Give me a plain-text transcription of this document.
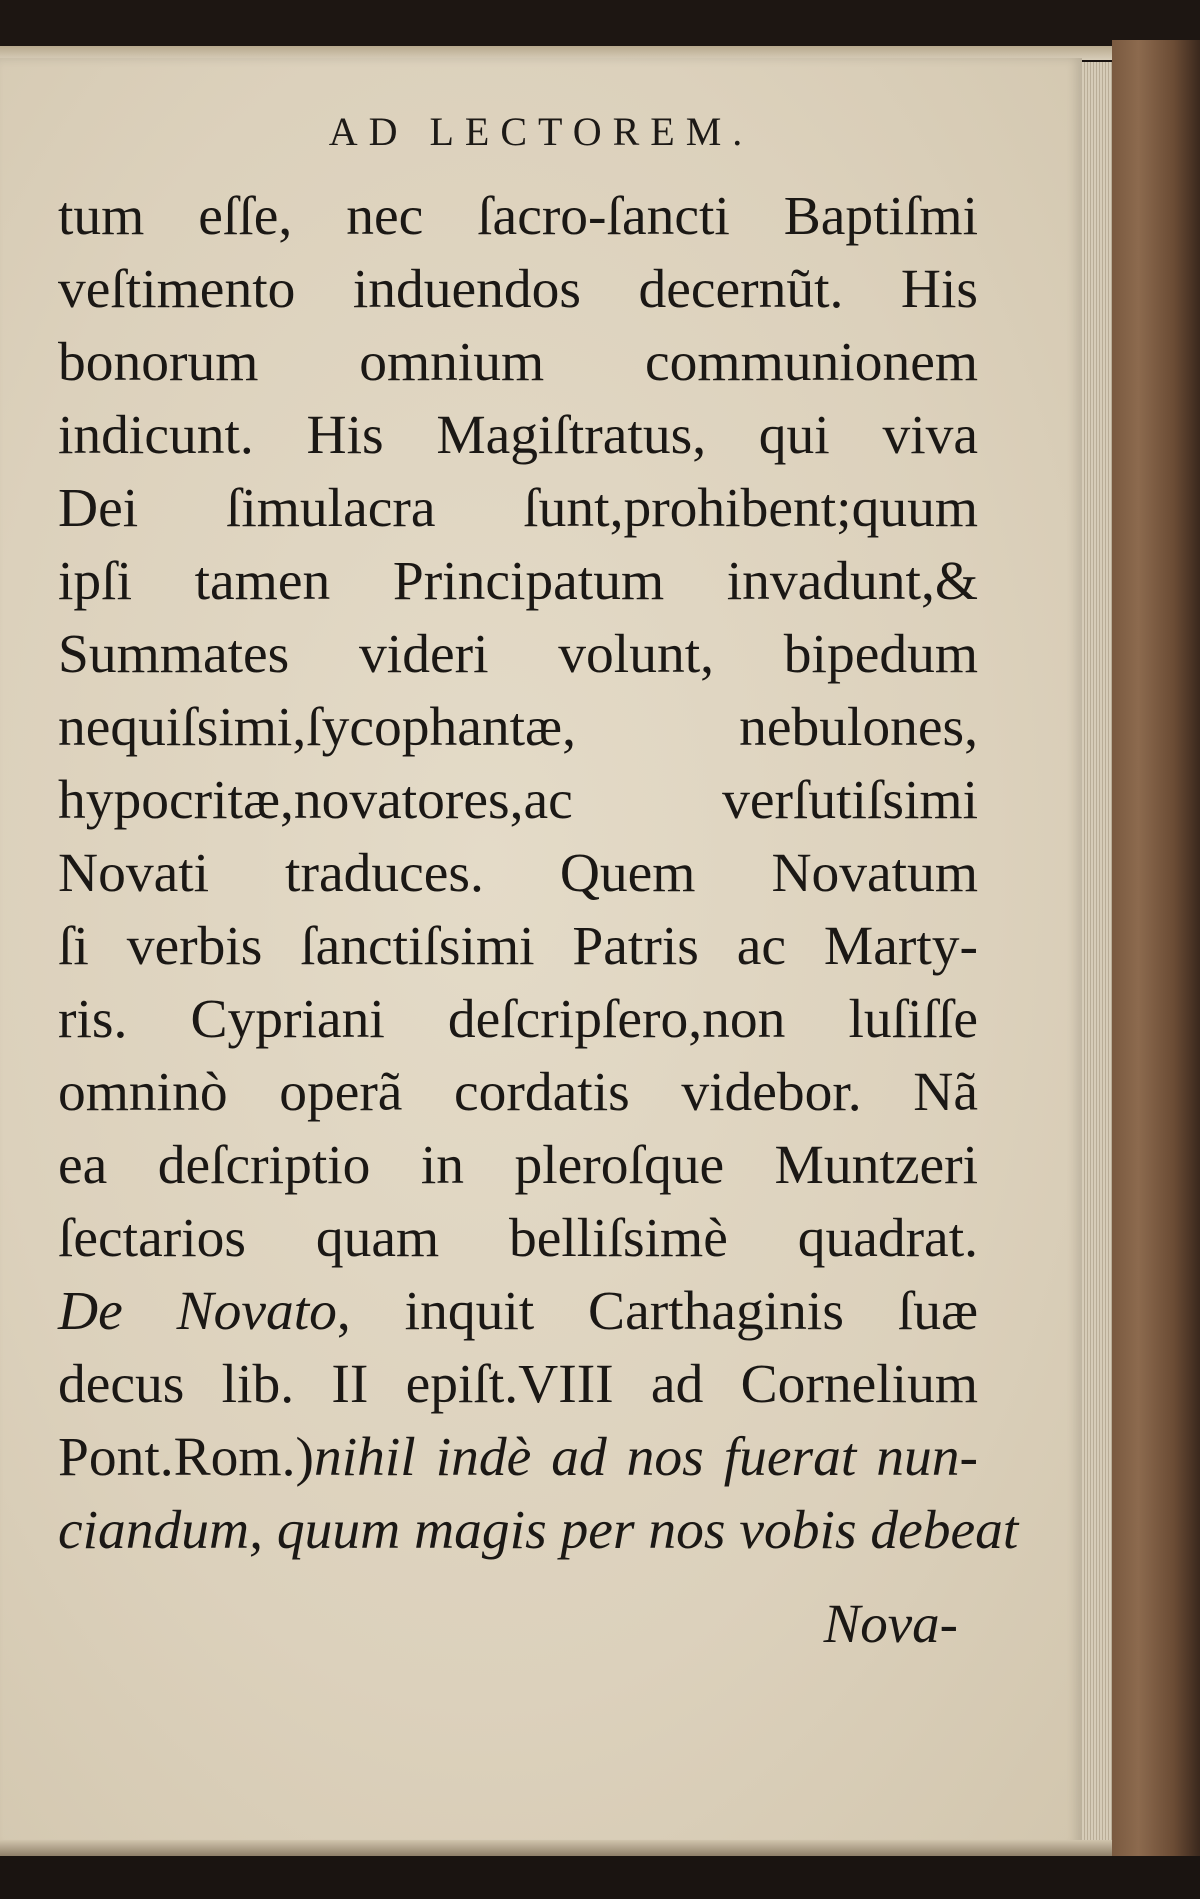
AD LECTOREM.
tum eſſe, nec ſacro-ſancti Baptiſmi
veſtimento induendos decernũt. His
bonorum omnium communionem
indicunt. His Magiſtratus, qui viva
Dei ſimulacra ſunt,prohibent;quum
ipſi tamen Principatum invadunt,&
Summates videri volunt, bipedum
nequiſsimi,ſycophantæ, nebulones,
hypocritæ,novatores,ac verſutiſsimi
Novati traduces. Quem Novatum
ſi verbis ſanctiſsimi Patris ac Marty-
ris. Cypriani deſcripſero,non luſiſſe
omninò operã cordatis videbor. Nã
ea deſcriptio in pleroſque Muntzeri
ſectarios quam belliſsimè quadrat.
De Novato, inquit Carthaginis ſuæ
decus lib. II epiſt.VIII ad Cornelium
Pont.Rom.)nihil indè ad nos fuerat nun-
ciandum, quum magis per nos vobis debeat
Nova-
